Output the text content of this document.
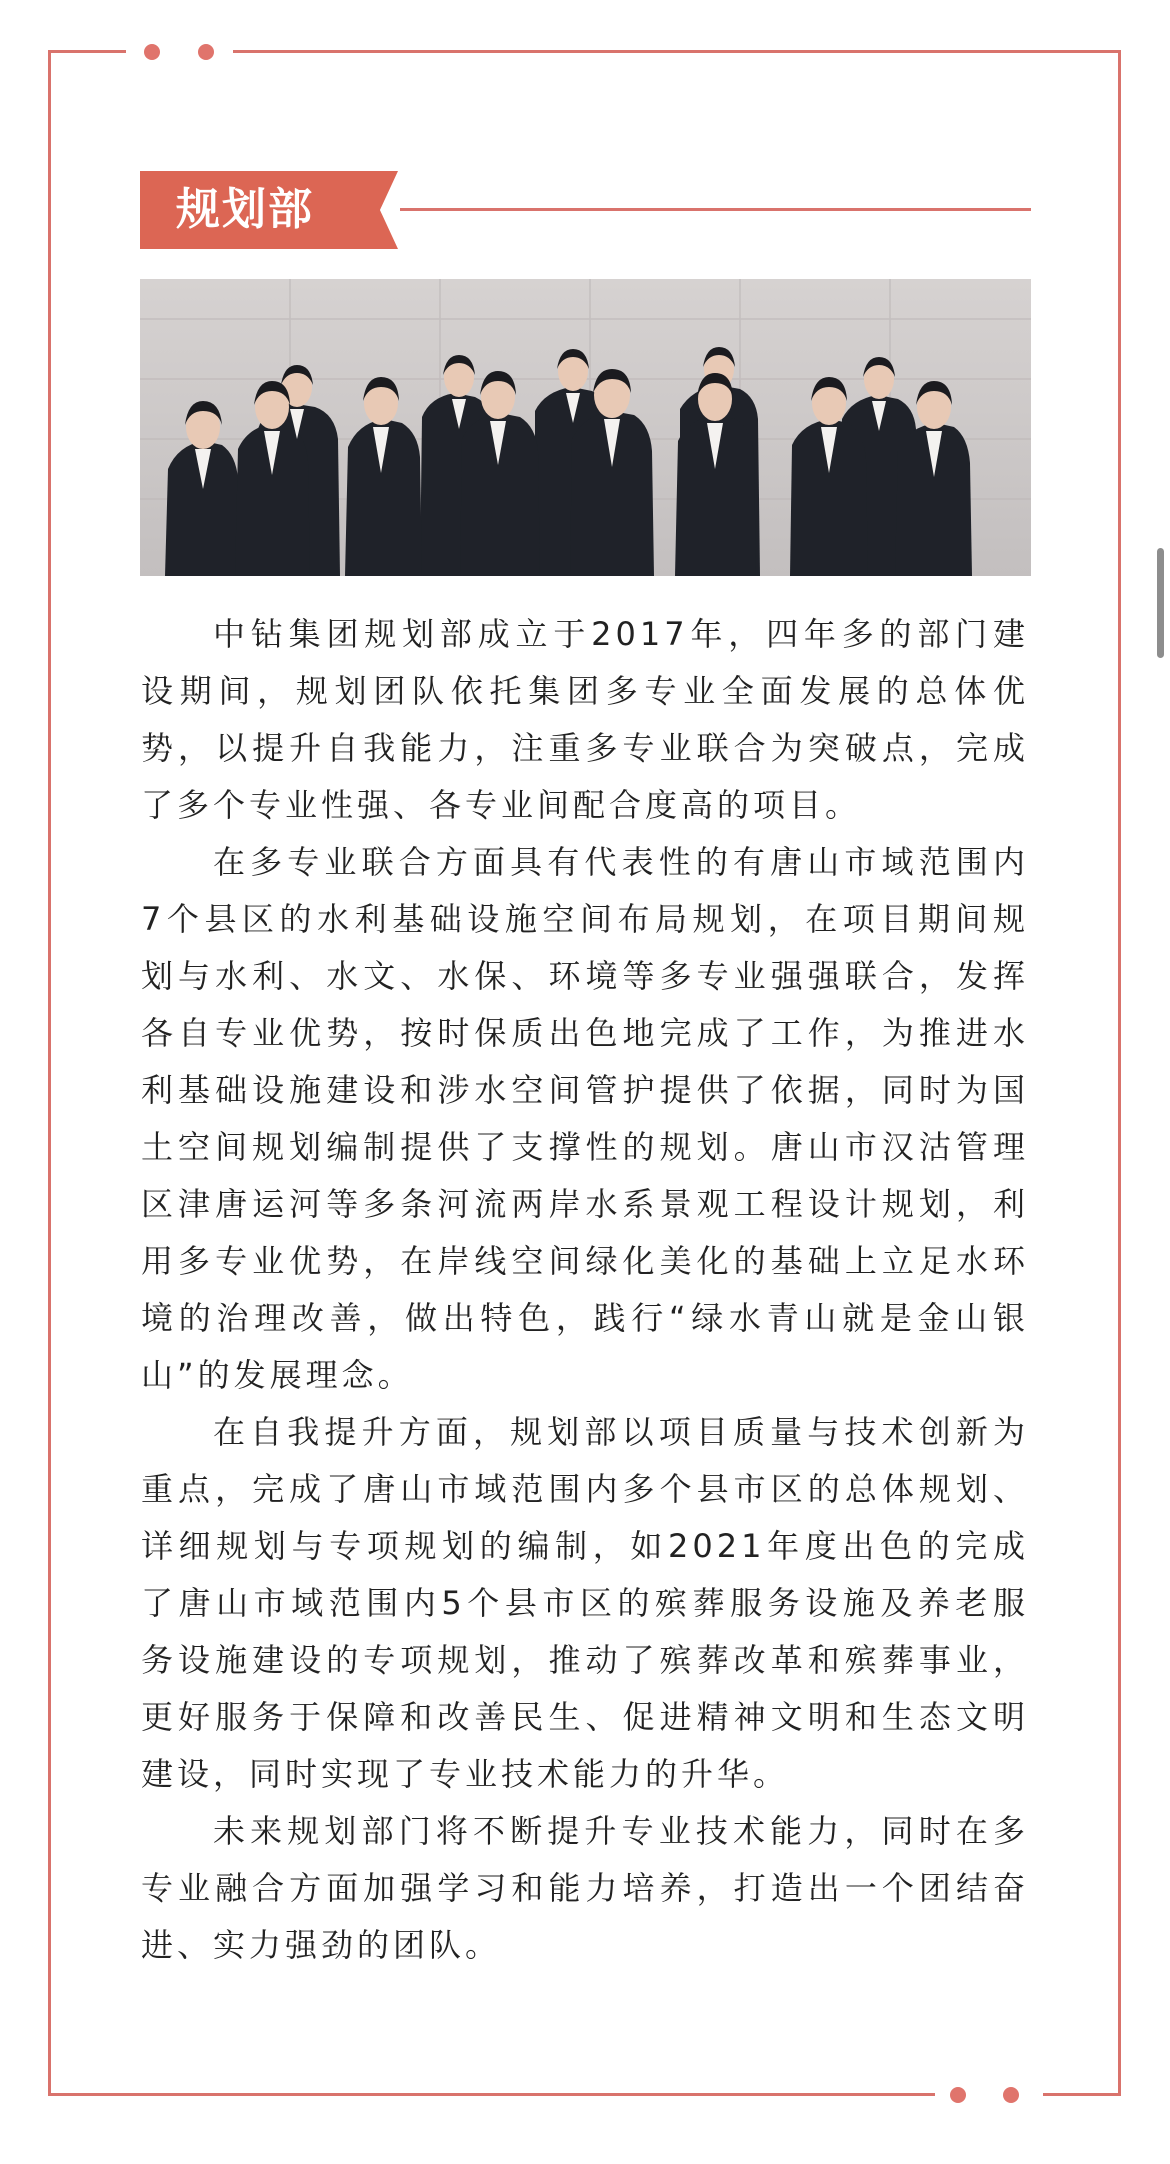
规划部

中钻集团规划部成立于2017年，四年多的部门建设期间，规划团队依托集团多专业全面发展的总体优势，以提升自我能力，注重多专业联合为突破点，完成了多个专业性强、各专业间配合度高的项目。

在多专业联合方面具有代表性的有唐山市域范围内7个县区的水利基础设施空间布局规划，在项目期间规划与水利、水文、水保、环境等多专业强强联合，发挥各自专业优势，按时保质出色地完成了工作，为推进水利基础设施建设和涉水空间管护提供了依据，同时为国土空间规划编制提供了支撑性的规划。唐山市汉沽管理区津唐运河等多条河流两岸水系景观工程设计规划，利用多专业优势，在岸线空间绿化美化的基础上立足水环境的治理改善，做出特色，践行“绿水青山就是金山银山”的发展理念。

在自我提升方面，规划部以项目质量与技术创新为重点，完成了唐山市域范围内多个县市区的总体规划、详细规划与专项规划的编制，如2021年度出色的完成了唐山市域范围内5个县市区的殡葬服务设施及养老服务设施建设的专项规划，推动了殡葬改革和殡葬事业，更好服务于保障和改善民生、促进精神文明和生态文明建设，同时实现了专业技术能力的升华。

未来规划部门将不断提升专业技术能力，同时在多专业融合方面加强学习和能力培养，打造出一个团结奋进、实力强劲的团队。
